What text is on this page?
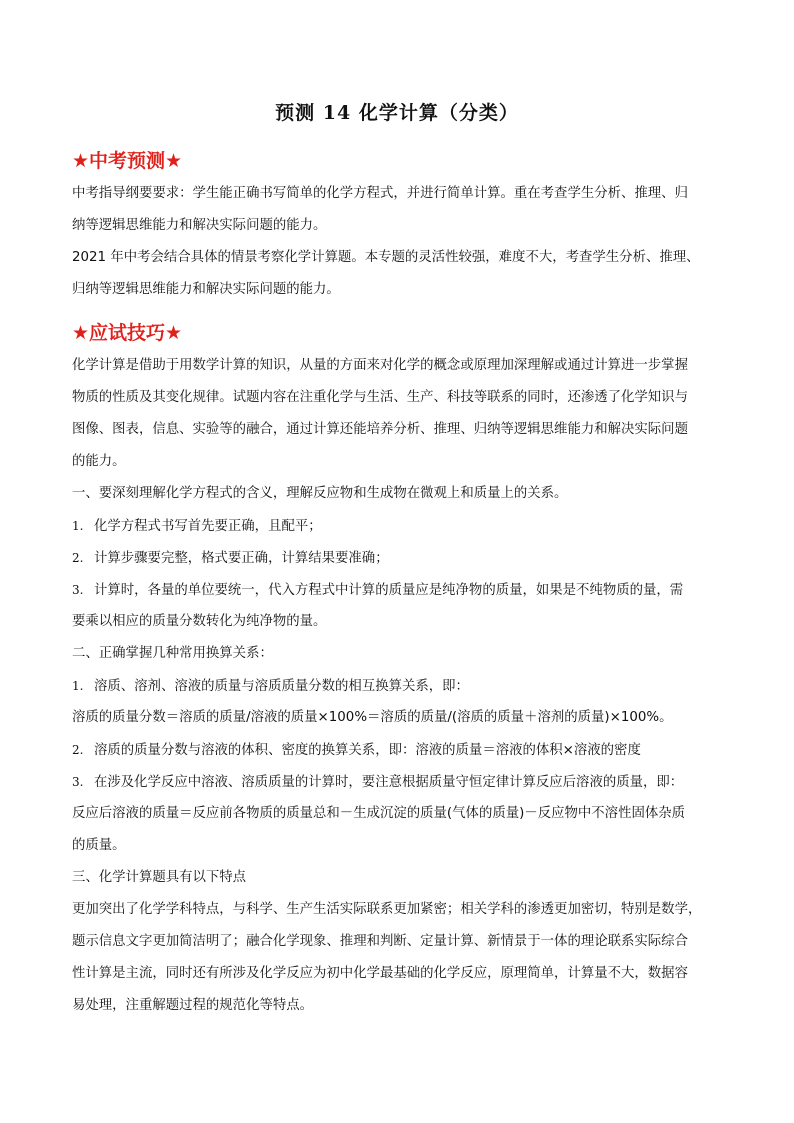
预测 14 化学计算（分类）
★中考预测★

中考指导纲要要求：学生能正确书写简单的化学方程式，并进行简单计算。重在考查学生分析、推理、归
纳等逻辑思维能力和解决实际问题的能力。

2021 年中考会结合具体的情景考察化学计算题。本专题的灵活性较强，难度不大，考查学生分析、推理、
归纳等逻辑思维能力和解决实际问题的能力。

★应试技巧★

化学计算是借助于用数学计算的知识，从量的方面来对化学的概念或原理加深理解或通过计算进一步掌握
物质的性质及其变化规律。试题内容在注重化学与生活、生产、科技等联系的同时，还渗透了化学知识与
图像、图表，信息、实验等的融合，通过计算还能培养分析、推理、归纳等逻辑思维能力和解决实际问题
的能力。

一、要深刻理解化学方程式的含义，理解反应物和生成物在微观上和质量上的关系。
1. 化学方程式书写首先要正确，且配平；
2. 计算步骤要完整，格式要正确，计算结果要准确；
3. 计算时，各量的单位要统一，代入方程式中计算的质量应是纯净物的质量，如果是不纯物质的量，需
要乘以相应的质量分数转化为纯净物的量。
二、正确掌握几种常用换算关系：
1. 溶质、溶剂、溶液的质量与溶质质量分数的相互换算关系，即：
溶质的质量分数＝溶质的质量/溶液的质量×100%＝溶质的质量/(溶质的质量＋溶剂的质量)×100%。
2. 溶质的质量分数与溶液的体积、密度的换算关系，即：溶液的质量＝溶液的体积×溶液的密度
3. 在涉及化学反应中溶液、溶质质量的计算时，要注意根据质量守恒定律计算反应后溶液的质量，即：
反应后溶液的质量＝反应前各物质的质量总和－生成沉淀的质量(气体的质量)－反应物中不溶性固体杂质
的质量。
三、化学计算题具有以下特点

更加突出了化学学科特点，与科学、生产生活实际联系更加紧密；相关学科的渗透更加密切，特别是数学，
题示信息文字更加简洁明了；融合化学现象、推理和判断、定量计算、新情景于一体的理论联系实际综合
性计算是主流，同时还有所涉及化学反应为初中化学最基础的化学反应，原理简单，计算量不大，数据容
易处理，注重解题过程的规范化等特点。
